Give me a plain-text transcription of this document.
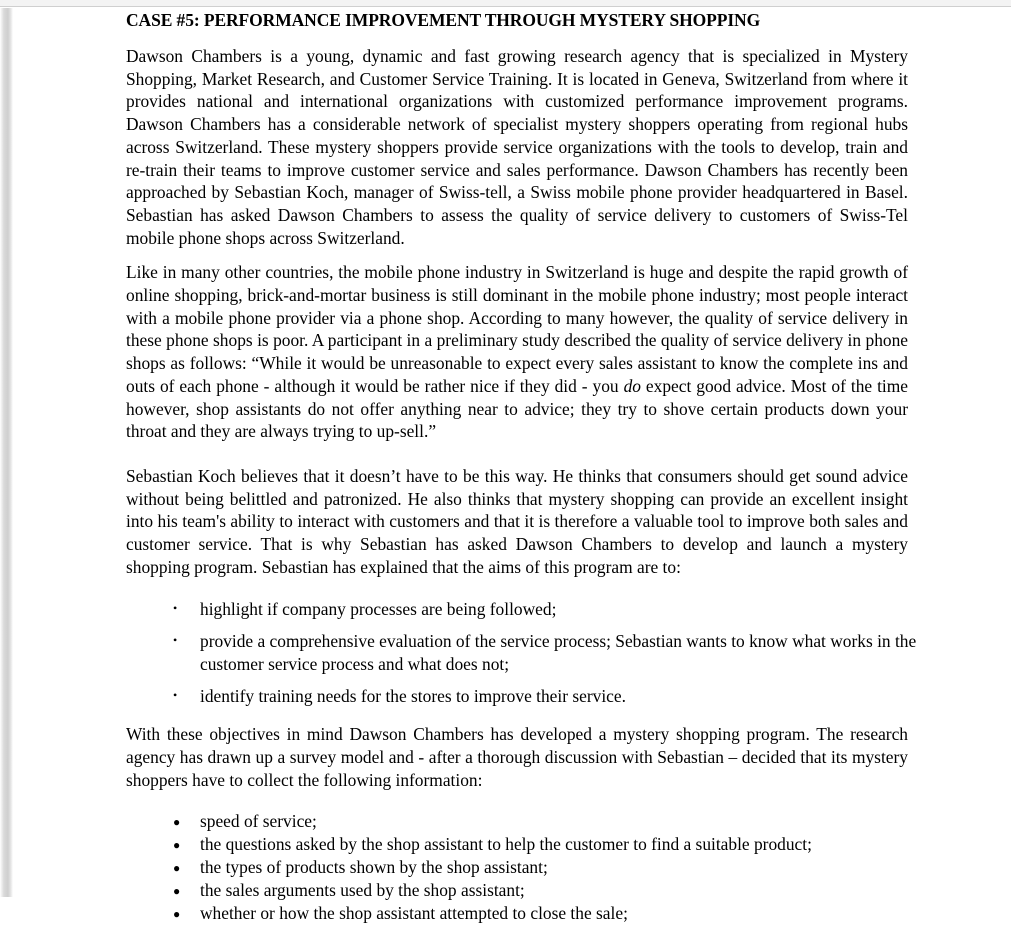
CASE #5: PERFORMANCE IMPROVEMENT THROUGH MYSTERY SHOPPING

Dawson Chambers is a young, dynamic and fast growing research agency that is specialized in Mystery Shopping, Market Research, and Customer Service Training. It is located in Geneva, Switzerland from where it provides national and international organizations with customized performance improvement programs. Dawson Chambers has a considerable network of specialist mystery shoppers operating from regional hubs across Switzerland. These mystery shoppers provide service organizations with the tools to develop, train and re-train their teams to improve customer service and sales performance. Dawson Chambers has recently been approached by Sebastian Koch, manager of Swiss-tell, a Swiss mobile phone provider headquartered in Basel. Sebastian has asked Dawson Chambers to assess the quality of service delivery to customers of Swiss-Tel mobile phone shops across Switzerland.

Like in many other countries, the mobile phone industry in Switzerland is huge and despite the rapid growth of online shopping, brick-and-mortar business is still dominant in the mobile phone industry; most people interact with a mobile phone provider via a phone shop. According to many however, the quality of service delivery in these phone shops is poor. A participant in a preliminary study described the quality of service delivery in phone shops as follows: “While it would be unreasonable to expect every sales assistant to know the complete ins and outs of each phone - although it would be rather nice if they did - you do expect good advice. Most of the time however, shop assistants do not offer anything near to advice; they try to shove certain products down your throat and they are always trying to up-sell.”

Sebastian Koch believes that it doesn’t have to be this way. He thinks that consumers should get sound advice without being belittled and patronized. He also thinks that mystery shopping can provide an excellent insight into his team's ability to interact with customers and that it is therefore a valuable tool to improve both sales and customer service. That is why Sebastian has asked Dawson Chambers to develop and launch a mystery shopping program. Sebastian has explained that the aims of this program are to:

•
highlight if company processes are being followed;
•
provide a comprehensive evaluation of the service process; Sebastian wants to know what works in the customer service process and what does not;
•
identify training needs for the stores to improve their service.

With these objectives in mind Dawson Chambers has developed a mystery shopping program. The research agency has drawn up a survey model and - after a thorough discussion with Sebastian – decided that its mystery shoppers have to collect the following information:

●
speed of service;
●
the questions asked by the shop assistant to help the customer to find a suitable product;
●
the types of products shown by the shop assistant;
●
the sales arguments used by the shop assistant;
●
whether or how the shop assistant attempted to close the sale;
